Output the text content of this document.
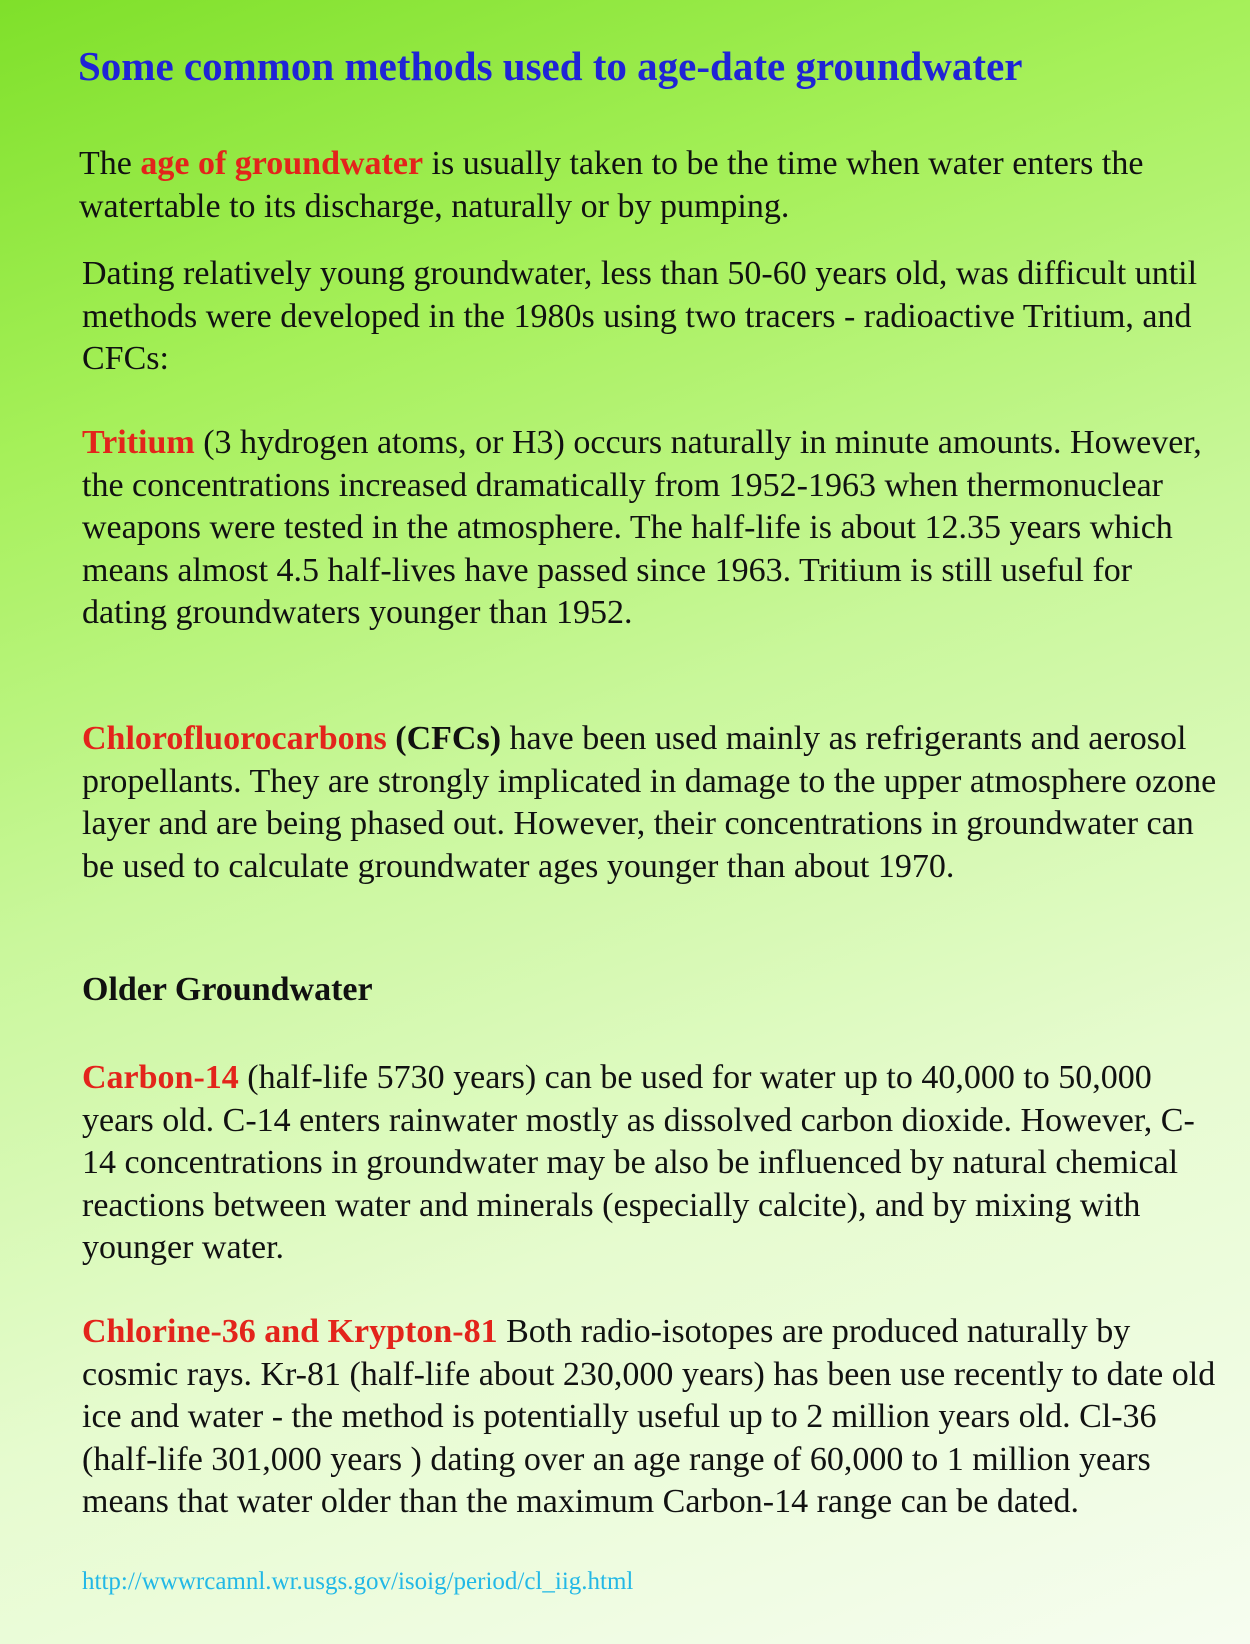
Some common methods used to age-date groundwater
The age of groundwater is usually taken to be the time when water enters the watertable to its discharge, naturally or by pumping.
Dating relatively young groundwater, less than 50-60 years old, was difficult until methods were developed in the 1980s using two tracers - radioactive Tritium, and CFCs:
Tritium (3 hydrogen atoms, or H3) occurs naturally in minute amounts. However, the concentrations increased dramatically from 1952-1963 when thermonuclear weapons were tested in the atmosphere. The half-life is about 12.35 years which means almost 4.5 half-lives have passed since 1963. Tritium is still useful for dating groundwaters younger than 1952.
Chlorofluorocarbons (CFCs) have been used mainly as refrigerants and aerosol propellants. They are strongly implicated in damage to the upper atmosphere ozone layer and are being phased out. However, their concentrations in groundwater can be used to calculate groundwater ages younger than about 1970.
Older Groundwater
Carbon-14 (half-life 5730 years) can be used for water up to 40,000 to 50,000 years old. C-14 enters rainwater mostly as dissolved carbon dioxide. However, C-14 concentrations in groundwater may be also be influenced by natural chemical reactions between water and minerals (especially calcite), and by mixing with younger water.
Chlorine-36 and Krypton-81 Both radio-isotopes are produced naturally by cosmic rays. Kr-81 (half-life about 230,000 years) has been use recently to date old ice and water - the method is potentially useful up to 2 million years old. Cl-36 (half-life 301,000 years ) dating over an age range of 60,000 to 1 million years means that water older than the maximum Carbon-14 range can be dated.
http://wwwrcamnl.wr.usgs.gov/isoig/period/cl_iig.html
